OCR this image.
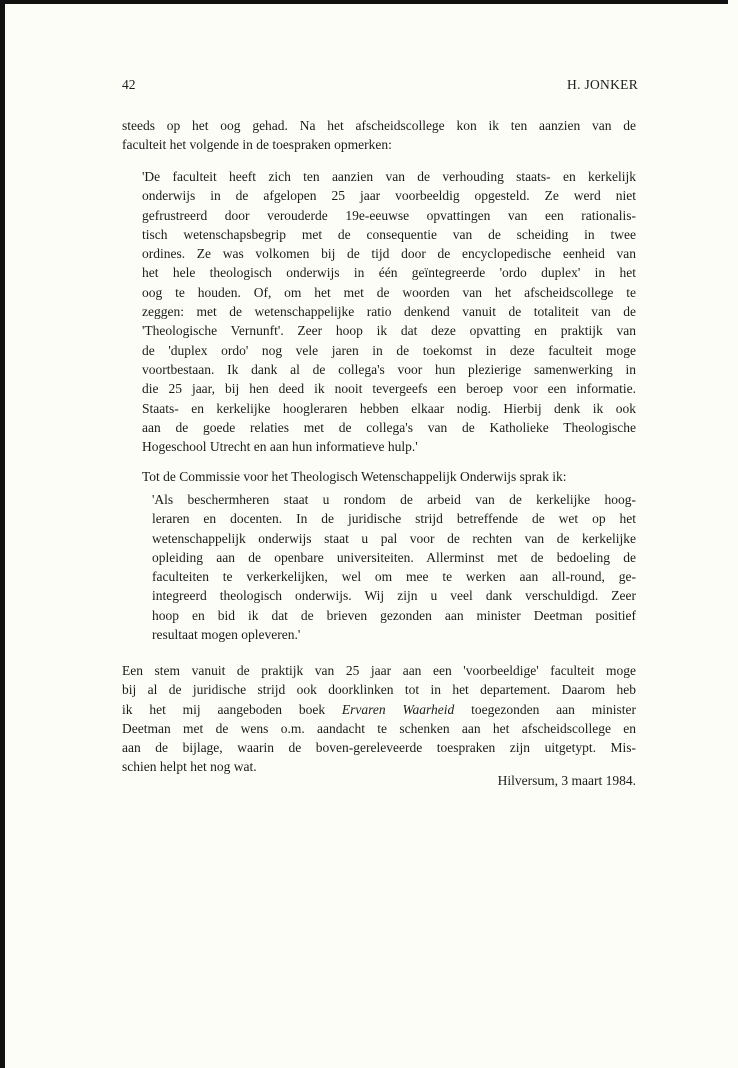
42	H. JONKER
steeds op het oog gehad. Na het afscheidscollege kon ik ten aanzien van de
faculteit het volgende in de toespraken opmerken:
'De faculteit heeft zich ten aanzien van de verhouding staats- en kerkelijk
onderwijs in de afgelopen 25 jaar voorbeeldig opgesteld. Ze werd niet
gefrustreerd door verouderde 19e-eeuwse opvattingen van een rationalis-
tisch wetenschapsbegrip met de consequentie van de scheiding in twee
ordines. Ze was volkomen bij de tijd door de encyclopedische eenheid van
het hele theologisch onderwijs in één geïntegreerde 'ordo duplex' in het
oog te houden. Of, om het met de woorden van het afscheidscollege te
zeggen: met de wetenschappelijke ratio denkend vanuit de totaliteit van de
'Theologische Vernunft'. Zeer hoop ik dat deze opvatting en praktijk van
de 'duplex ordo' nog vele jaren in de toekomst in deze faculteit moge
voortbestaan. Ik dank al de collega's voor hun plezierige samenwerking in
die 25 jaar, bij hen deed ik nooit tevergeefs een beroep voor een informatie.
Staats- en kerkelijke hoogleraren hebben elkaar nodig. Hierbij denk ik ook
aan de goede relaties met de collega's van de Katholieke Theologische
Hogeschool Utrecht en aan hun informatieve hulp.'
Tot de Commissie voor het Theologisch Wetenschappelijk Onderwijs sprak ik:
'Als beschermheren staat u rondom de arbeid van de kerkelijke hoog-
leraren en docenten. In de juridische strijd betreffende de wet op het
wetenschappelijk onderwijs staat u pal voor de rechten van de kerkelijke
opleiding aan de openbare universiteiten. Allerminst met de bedoeling de
faculteiten te verkerkelijken, wel om mee te werken aan all-round, ge-
integreerd theologisch onderwijs. Wij zijn u veel dank verschuldigd. Zeer
hoop en bid ik dat de brieven gezonden aan minister Deetman positief
resultaat mogen opleveren.'
Een stem vanuit de praktijk van 25 jaar aan een 'voorbeeldige' faculteit moge
bij al de juridische strijd ook doorklinken tot in het departement. Daarom heb
ik het mij aangeboden boek Ervaren Waarheid toegezonden aan minister
Deetman met de wens o.m. aandacht te schenken aan het afscheidscollege en
aan de bijlage, waarin de boven-gereleveerde toespraken zijn uitgetypt. Mis-
schien helpt het nog wat.
Hilversum, 3 maart 1984.
